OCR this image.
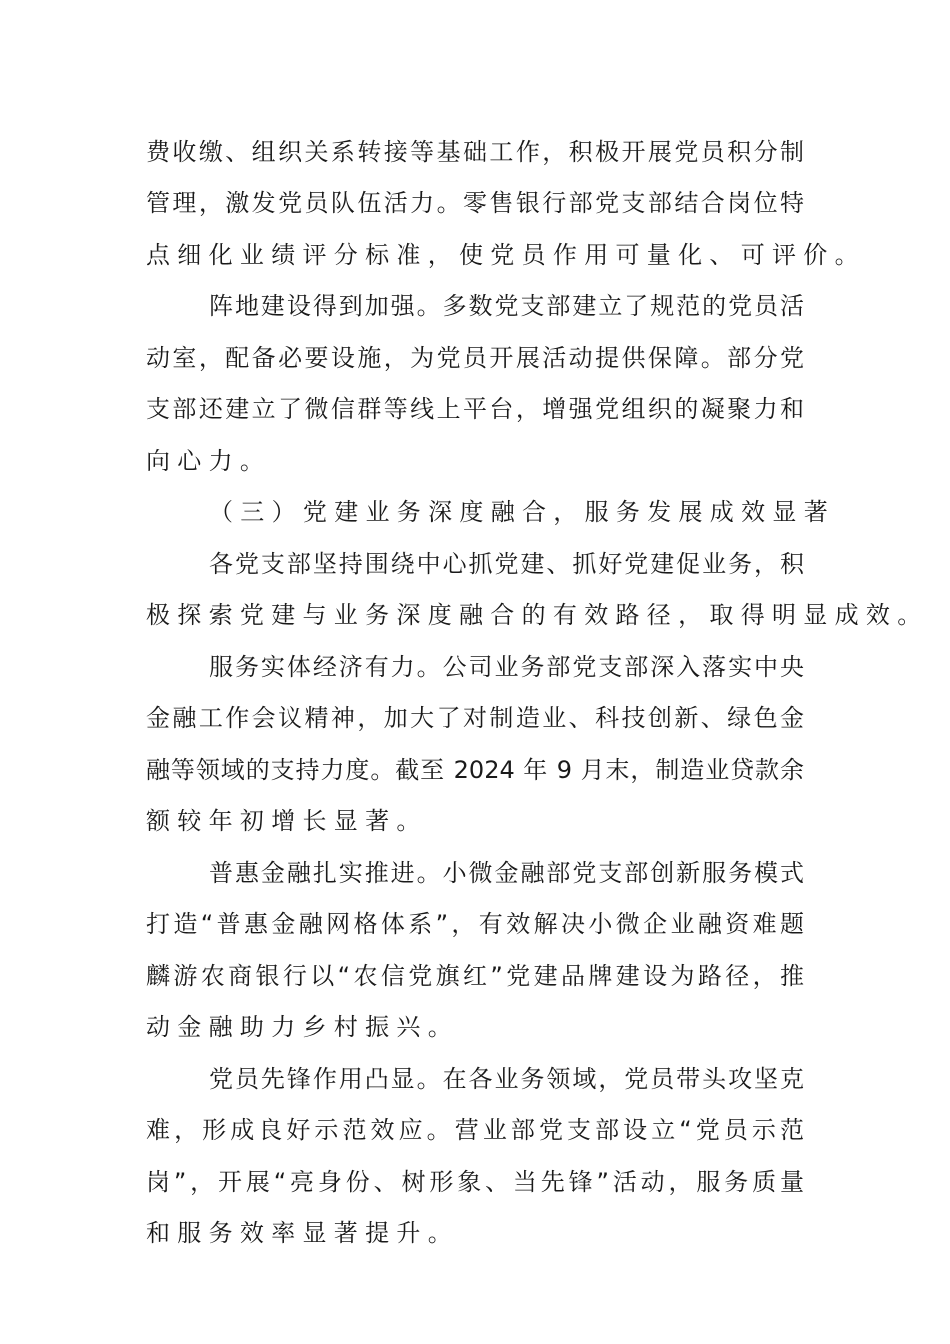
费收缴、组织关系转接等基础工作，积极开展党员积分制
管理，激发党员队伍活力。零售银行部党支部结合岗位特
点细化业绩评分标准，使党员作用可量化、可评价。
阵地建设得到加强。多数党支部建立了规范的党员活
动室，配备必要设施，为党员开展活动提供保障。部分党
支部还建立了微信群等线上平台，增强党组织的凝聚力和
向心力。
（三）党建业务深度融合，服务发展成效显著
各党支部坚持围绕中心抓党建、抓好党建促业务，积
极探索党建与业务深度融合的有效路径，取得明显成效。
服务实体经济有力。公司业务部党支部深入落实中央
金融工作会议精神，加大了对制造业、科技创新、绿色金
融等领域的支持力度。截至 2024 年 9 月末，制造业贷款余
额较年初增长显著。
普惠金融扎实推进。小微金融部党支部创新服务模式
打造“普惠金融网格体系”，有效解决小微企业融资难题
麟游农商银行以“农信党旗红”党建品牌建设为路径，推
动金融助力乡村振兴。
党员先锋作用凸显。在各业务领域，党员带头攻坚克
难，形成良好示范效应。营业部党支部设立“党员示范
岗”，开展“亮身份、树形象、当先锋”活动，服务质量
和服务效率显著提升。
